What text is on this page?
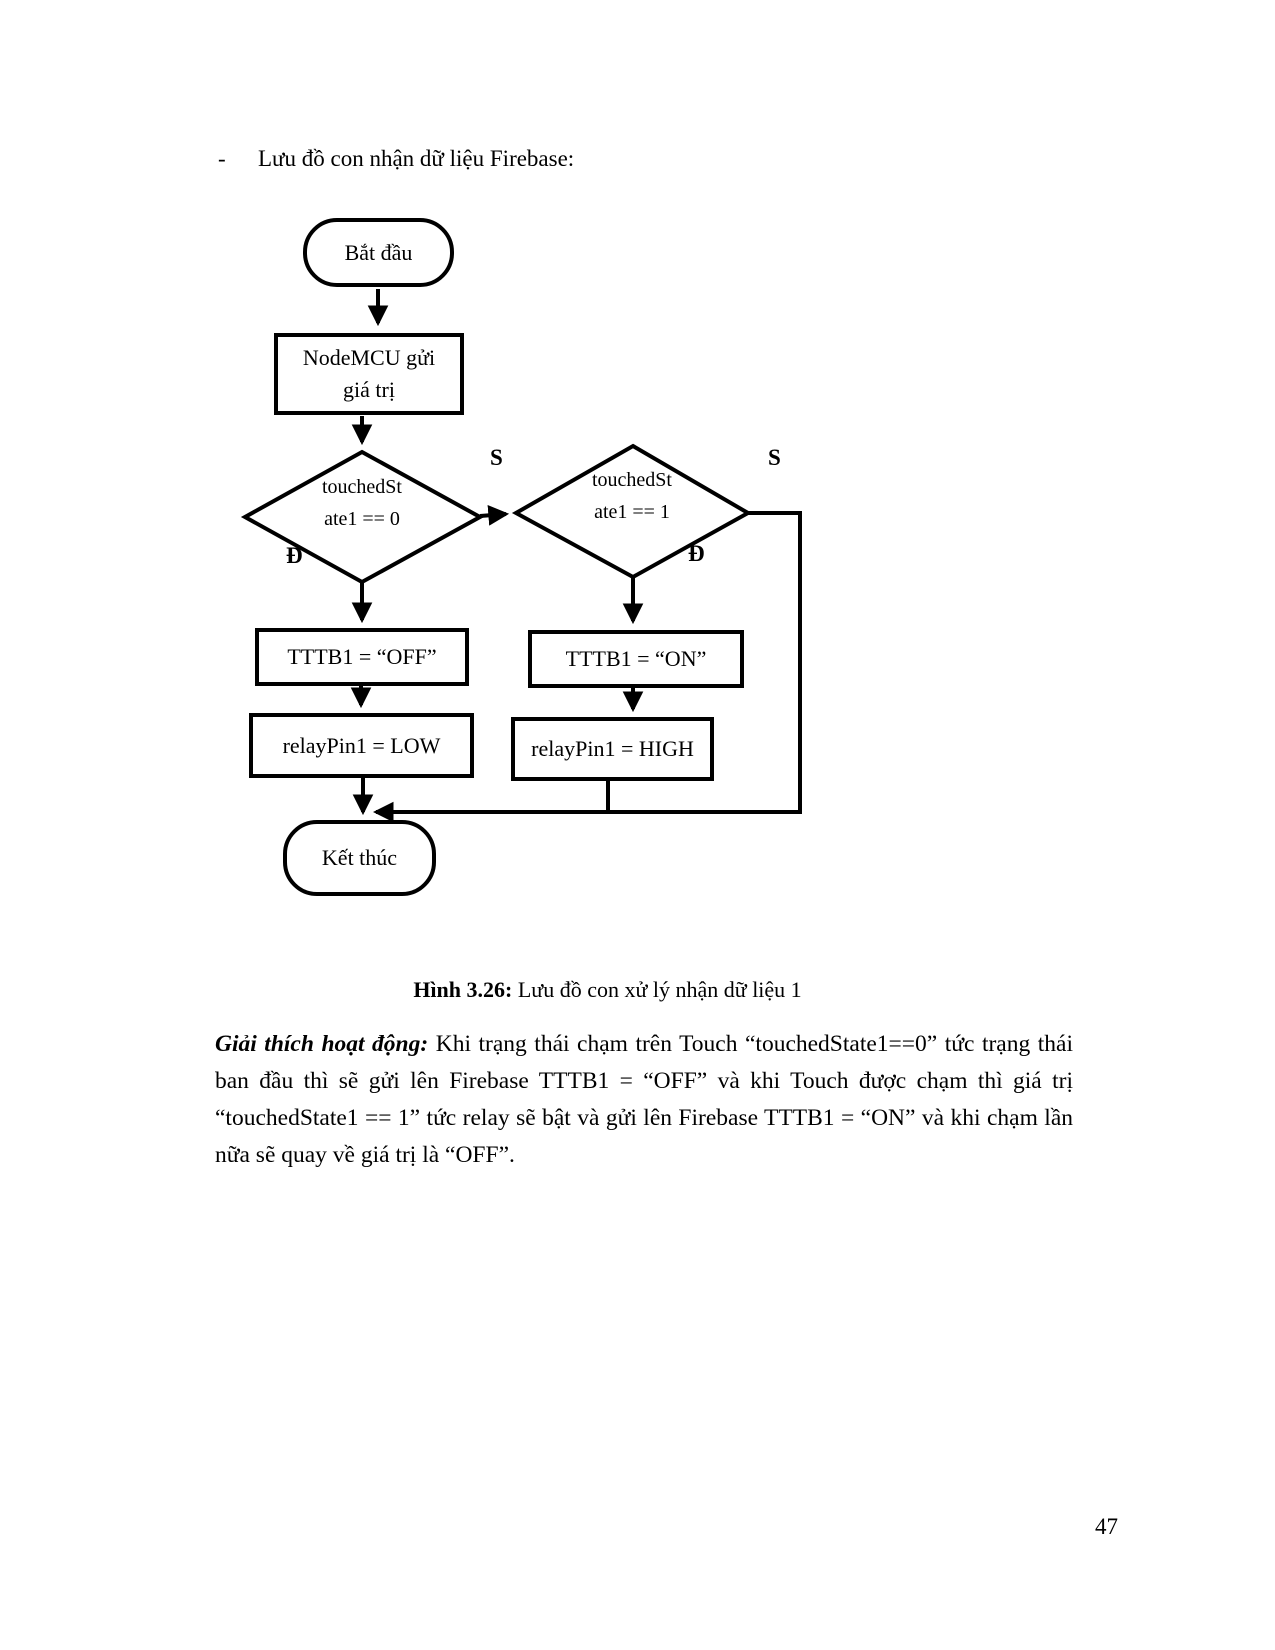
- Lưu đồ con nhận dữ liệu Firebase:
Bắt đầu
NodeMCU gửi
giá trị
touchedSt
ate1 == 0
touchedSt
ate1 == 1
S	S
Đ	Đ
TTTB1 = “OFF”	TTTB1 = “ON”
relayPin1 = LOW	relayPin1 = HIGH
Kết thúc
Hình 3.26: Lưu đồ con xử lý nhận dữ liệu 1
Giải thích hoạt động: Khi trạng thái chạm trên Touch “touchedState1==0” tức trạng thái ban đầu thì sẽ gửi lên Firebase TTTB1 = “OFF” và khi Touch được chạm thì giá trị “touchedState1 == 1” tức relay sẽ bật và gửi lên Firebase TTTB1 = “ON” và khi chạm lần nữa sẽ quay về giá trị là “OFF”.
47
